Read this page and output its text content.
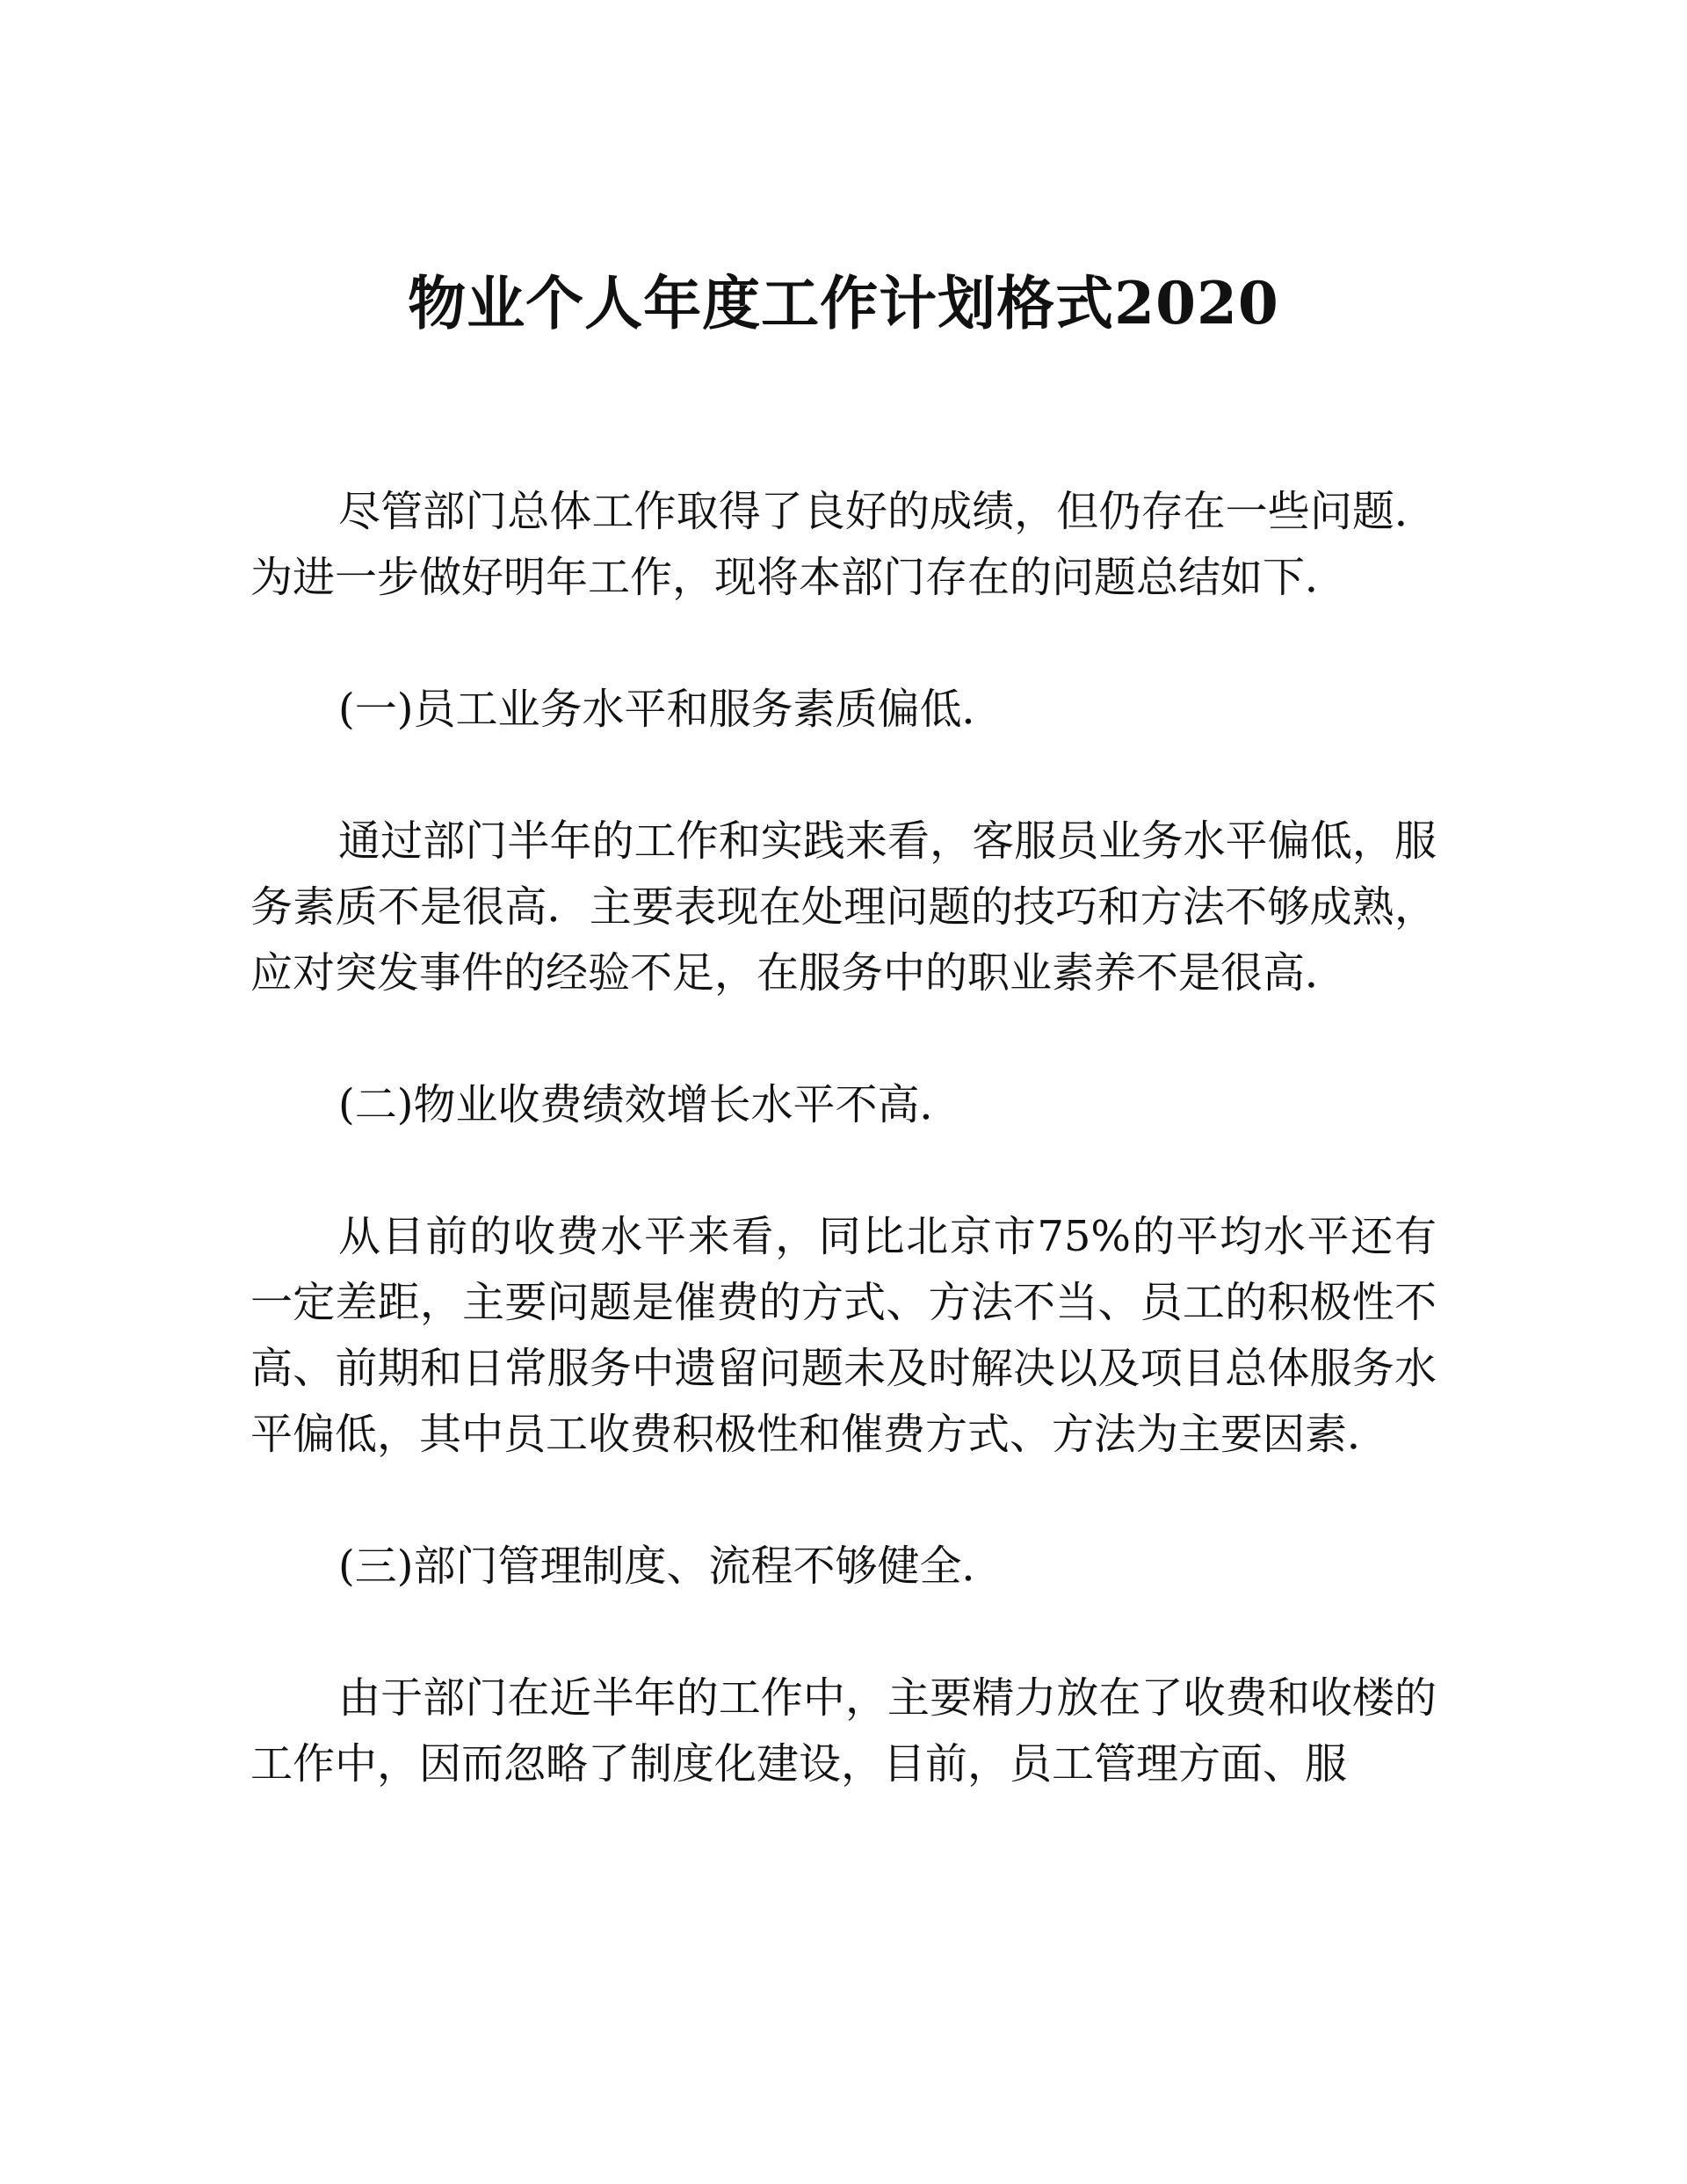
物业个人年度工作计划格式2020

尽管部门总体工作取得了良好的成绩，但仍存在一些问题．为进一步做好明年工作，现将本部门存在的问题总结如下．

(一)员工业务水平和服务素质偏低．

通过部门半年的工作和实践来看，客服员业务水平偏低，服务素质不是很高．主要表现在处理问题的技巧和方法不够成熟，应对突发事件的经验不足，在服务中的职业素养不是很高．

(二)物业收费绩效增长水平不高．

从目前的收费水平来看，同比北京市75%的平均水平还有一定差距，主要问题是催费的方式、方法不当、员工的积极性不高、前期和日常服务中遗留问题未及时解决以及项目总体服务水平偏低，其中员工收费积极性和催费方式、方法为主要因素．

(三)部门管理制度、流程不够健全．

由于部门在近半年的工作中，主要精力放在了收费和收楼的工作中，因而忽略了制度化建设，目前，员工管理方面、服
